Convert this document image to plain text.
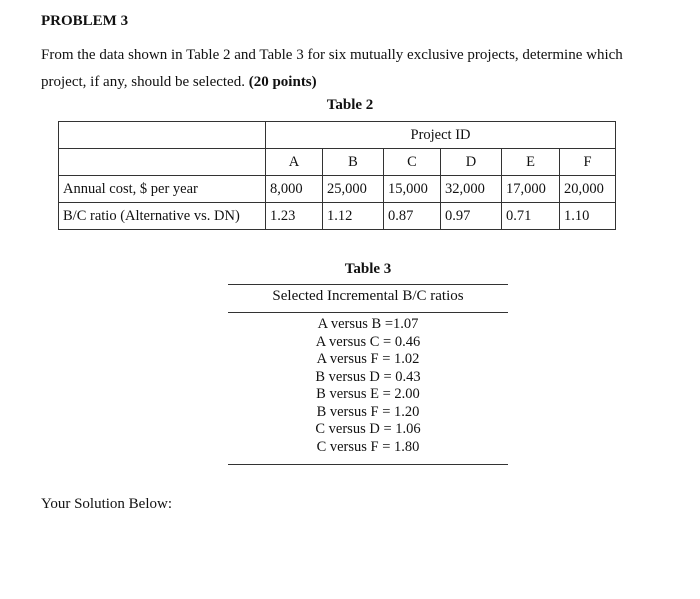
PROBLEM 3
From the data shown in Table 2 and Table 3 for six mutually exclusive projects, determine which
project, if any, should be selected. (20 points)
Table 2
	Project ID					
	A	B	C	D	E	F
Annual cost, $ per year	8,000	25,000	15,000	32,000	17,000	20,000
B/C ratio (Alternative vs. DN)	1.23	1.12	0.87	0.97	0.71	1.10
Table 3
Selected Incremental B/C ratios
A versus B =1.07
A versus C = 0.46
A versus F = 1.02
B versus D = 0.43
B versus E = 2.00
B versus F = 1.20
C versus D = 1.06
C versus F = 1.80
Your Solution Below:
